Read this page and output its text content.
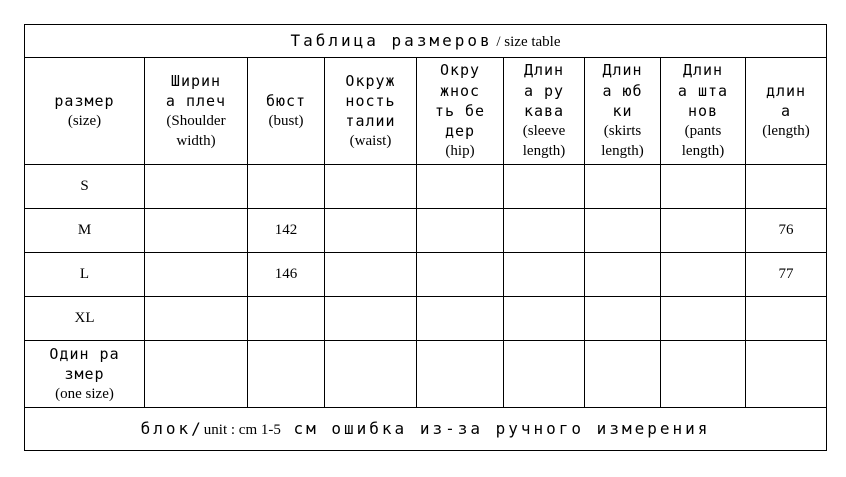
Таблица размеров / size table								

размер
(size)	Ширин
а плеч
(Shoulder
width)	бюст
(bust)	Окруж
ность
талии
(waist)	Окру
жнос
ть бе
дер
(hip)	Длин
а ру
кава
(sleeve
length)	Длин
а юб
ки
(skirts
length)	Длин
а шта
нов
(pants
length)	длин
а
(length)

S								
M		142						76
L		146						77
XL								

Один ра
змер
(one size)								

блок/unit : cm 1-5 см ошибка из-за ручного измерения								
